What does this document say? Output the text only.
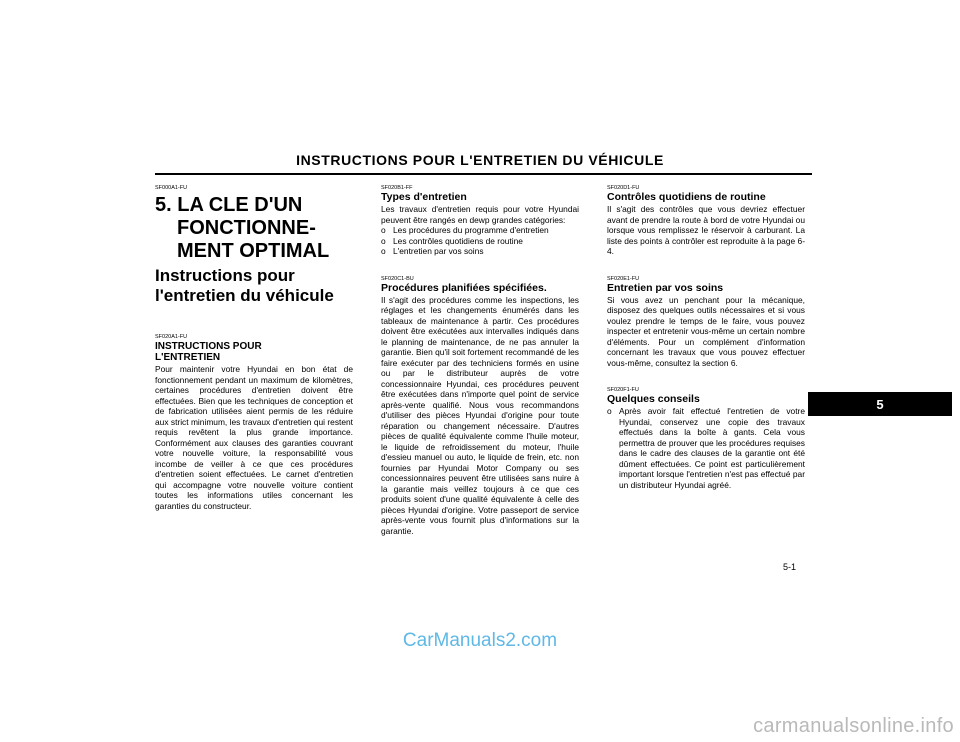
INSTRUCTIONS POUR L'ENTRETIEN DU VÉHICULE
SF000A1-FU
5. LA CLE D'UN
FONCTIONNE-
MENT OPTIMAL
Instructions pour
l'entretien du véhicule
SF020A1-FU
INSTRUCTIONS POUR
L'ENTRETIEN

Pour maintenir votre Hyundai en bon état de fonctionnement pendant un maximum de kilomètres, certaines procédures d'entretien doivent être effectuées. Bien que les techniques de conception et de fabrication utilisées aient permis de les réduire aux strict minimum, les travaux d'entretien qui restent requis revêtent la plus grande importance. Conformément aux clauses des garanties couvrant votre nouvelle voiture, la responsabilité vous incombe de veiller à ce que ces procédures d'entretien soient effectuées. Le carnet d'entretien qui accompagne votre nouvelle voiture contient toutes les informations utiles concernant les garanties du constructeur.

SF020B1-FF
Types d'entretien

Les travaux d'entretien requis pour votre Hyundai peuvent être rangés en dewp grandes catégories:

o Les procédures du programme d'entretien
o Les contrôles quotidiens de routine
o L'entretien par vos soins
SF020C1-BU
Procédures planifiées spécifiées.

Il s'agit des procédures comme les inspections, les réglages et les changements énumérés dans les tableaux de maintenance à partir. Ces procédures doivent être exécutées aux intervalles indiqués dans le planning de maintenance, de ne pas annuler la garantie. Bien qu'il soit fortement recommandé de les faire exécuter par des techniciens formés en usine ou par le distributeur auprès de votre concessionnaire Hyundai, ces procédures peuvent être exécutées dans n'importe quel point de service après-vente qualifié. Nous vous recommandons d'utiliser des pièces Hyundai d'origine pour toute réparation ou changement nécessaire. D'autres pièces de qualité équivalente comme l'huile moteur, le liquide de refroidissement du moteur, l'huile d'essieu manuel ou auto, le liquide de frein, etc. non fournies par Hyundai Motor Company ou ses concessionnaires peuvent être utilisées sans nuire à la garantie mais veillez toujours à ce que ces produits soient d'une qualité équivalente à celle des pièces Hyundai d'origine. Votre passeport de service après-vente vous fournit plus d'informations sur la garantie.

SF020D1-FU
Contrôles quotidiens de routine

Il s'agit des contrôles que vous devriez effectuer avant de prendre la route à bord de votre Hyundai ou lorsque vous remplissez le réservoir à carburant. La liste des points à contrôler est reproduite à la page 6-4.

SF020E1-FU
Entretien par vos soins

Si vous avez un penchant pour la mécanique, disposez des quelques outils nécessaires et si vous voulez prendre le temps de le faire, vous pouvez inspecter et entretenir vous-même un certain nombre d'éléments. Pour un complément d'information concernant les travaux que vous pouvez effectuer vous-même, consultez la section 6.

SF020F1-FU
Quelques conseils
o Après avoir fait effectué l'entretien de votre Hyundai, conservez une copie des travaux effectués dans la boîte à gants. Cela vous permettra de prouver que les procédures requises dans le cadre des clauses de la garantie ont été dûment effectuées. Ce point est particulièrement important lorsque l'entretien n'est pas effectué par un distributeur Hyundai agréé.
5
5-1
CarManuals2.com
carmanualsonline.info
